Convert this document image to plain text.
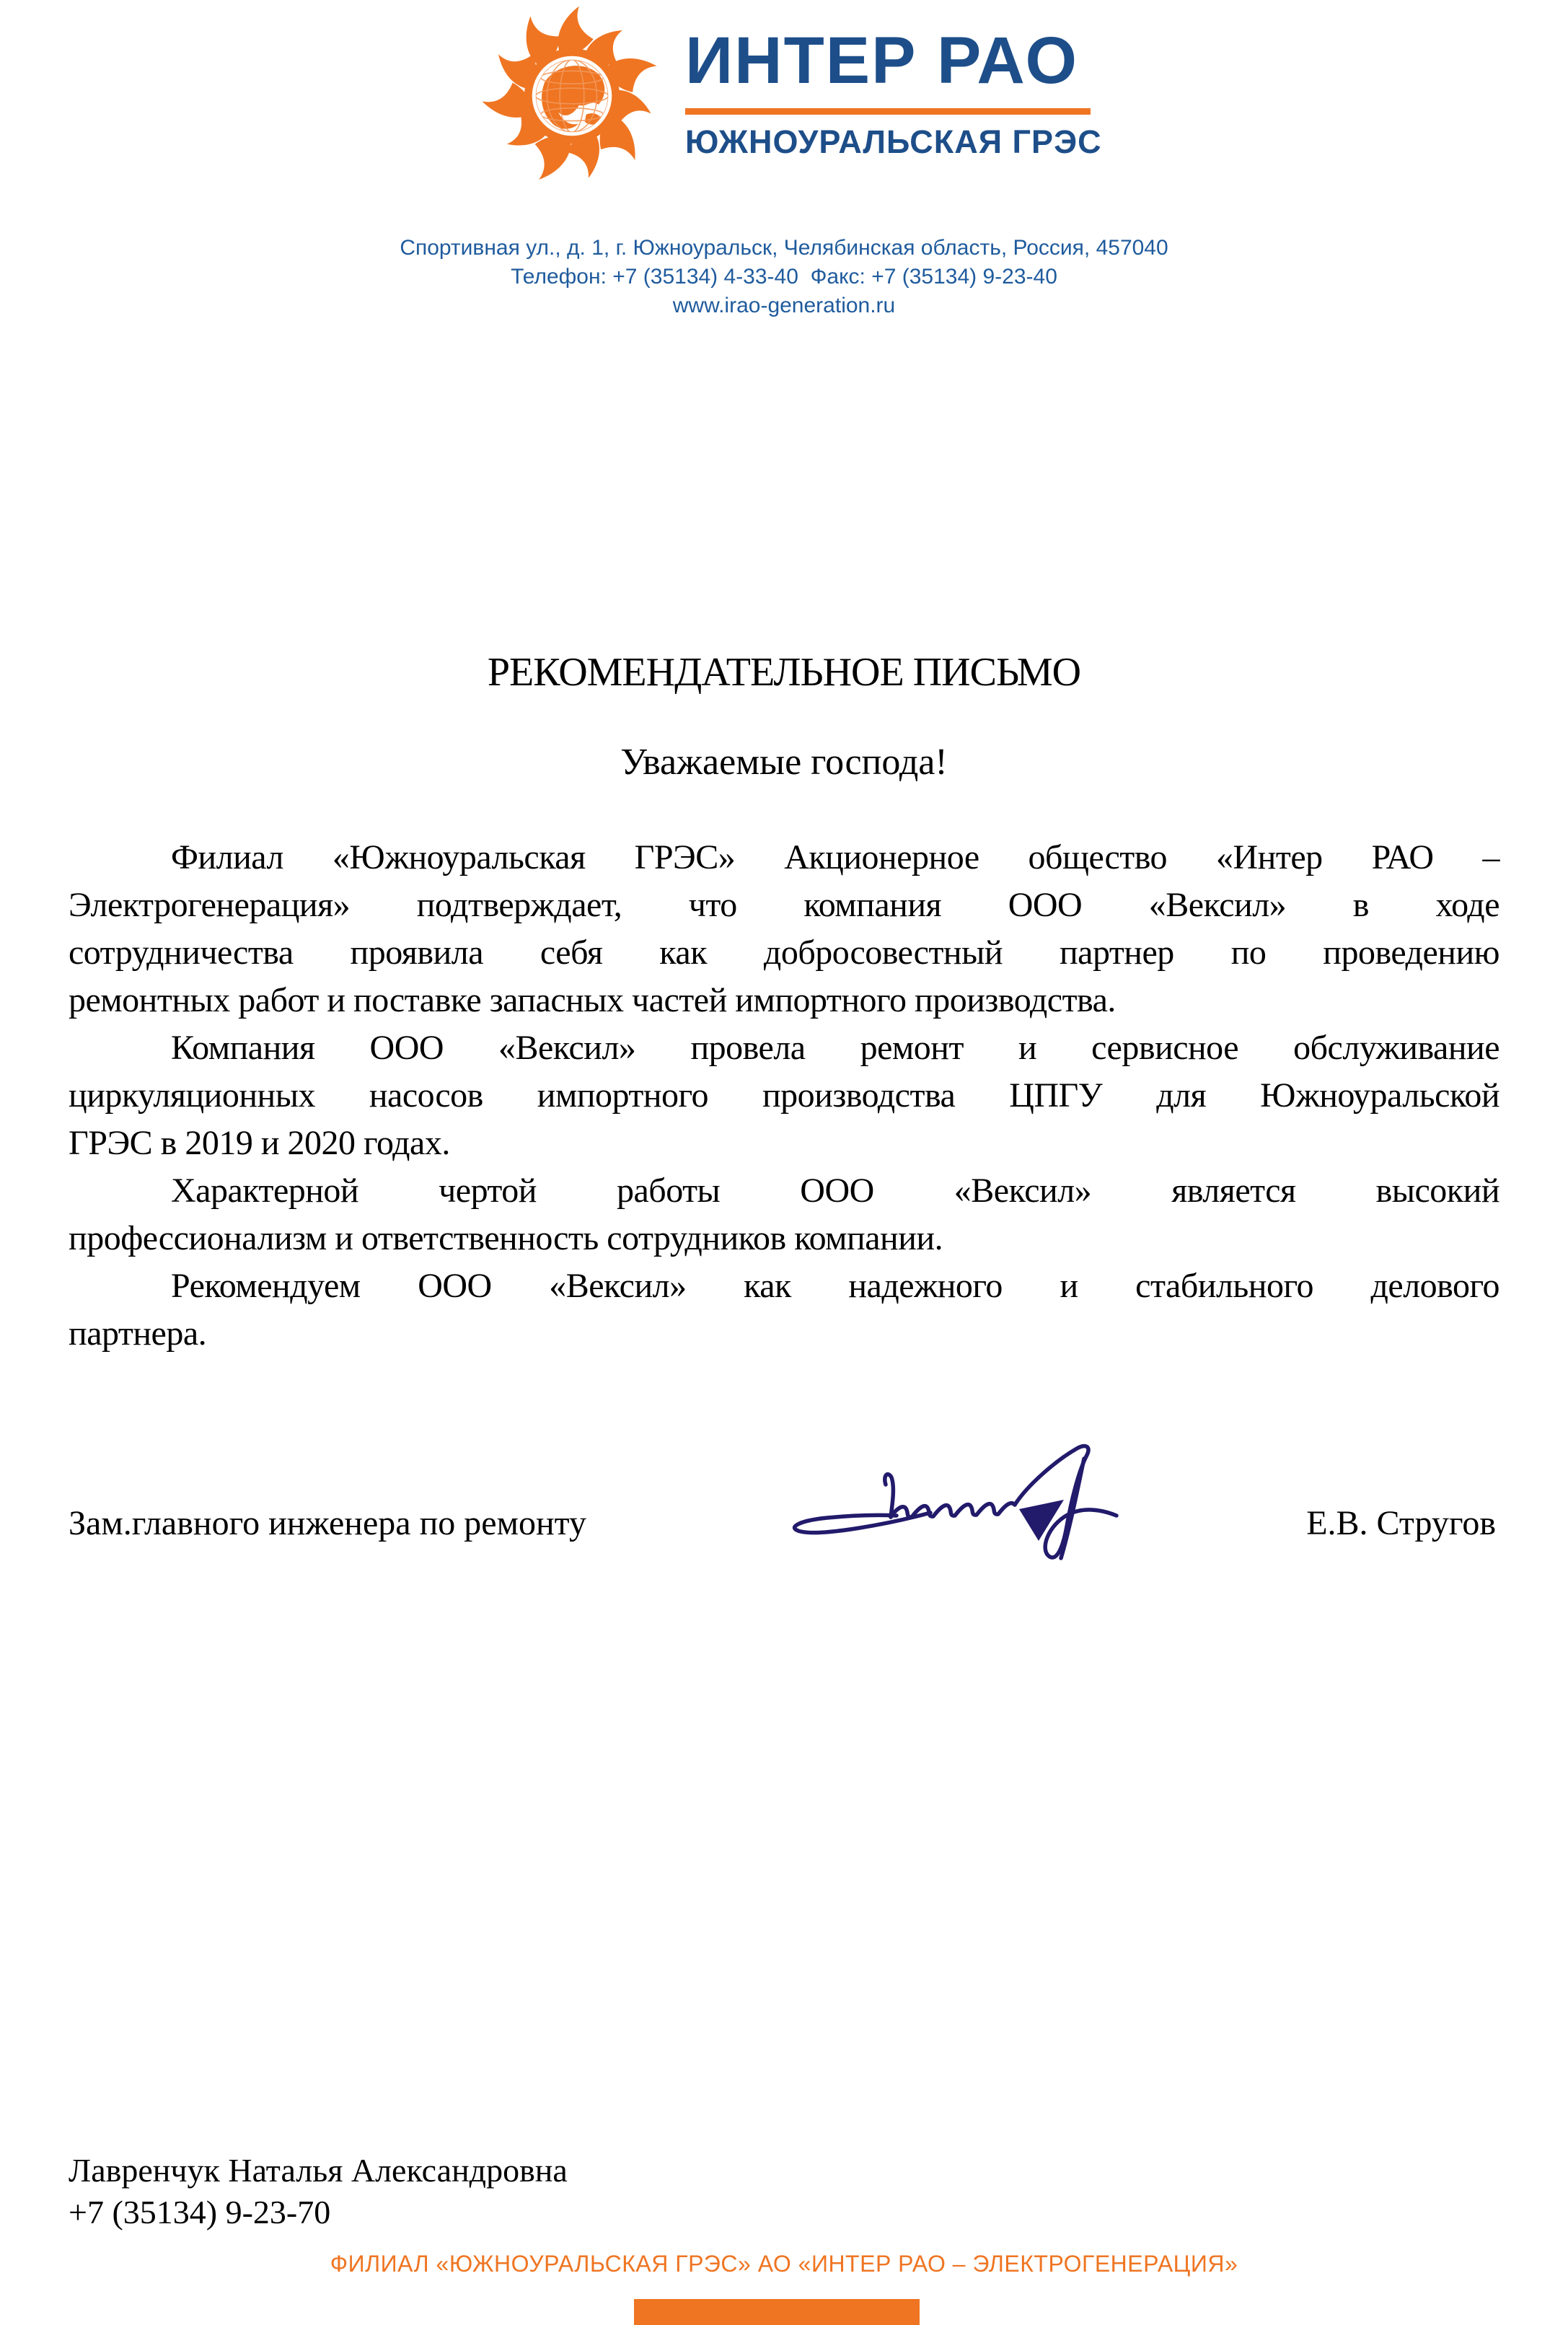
ИНТЕР РАО
ЮЖНОУРАЛЬСКАЯ ГРЭС
Спортивная ул., д. 1, г. Южноуральск, Челябинская область, Россия, 457040
Телефон: +7 (35134) 4-33-40  Факс: +7 (35134) 9-23-40
www.irao-generation.ru
РЕКОМЕНДАТЕЛЬНОЕ ПИСЬМО
Уважаемые господа!
Филиал «Южноуральская ГРЭС» Акционерное общество «Интер РАО –
Электрогенерация» подтверждает, что компания ООО «Вексил» в ходе
сотрудничества проявила себя как добросовестный партнер по проведению
ремонтных работ и поставке запасных частей импортного производства.
Компания ООО «Вексил» провела ремонт и сервисное обслуживание
циркуляционных насосов импортного производства ЦПГУ для Южноуральской
ГРЭС в 2019 и 2020 годах.
Характерной чертой работы ООО «Вексил» является высокий
профессионализм и ответственность сотрудников компании.
Рекомендуем ООО «Вексил» как надежного и стабильного делового
партнера.
Зам.главного инженера по ремонту	Е.В. Стругов
Лавренчук Наталья Александровна
+7 (35134) 9-23-70
ФИЛИАЛ «ЮЖНОУРАЛЬСКАЯ ГРЭС» АО «ИНТЕР РАО – ЭЛЕКТРОГЕНЕРАЦИЯ»
